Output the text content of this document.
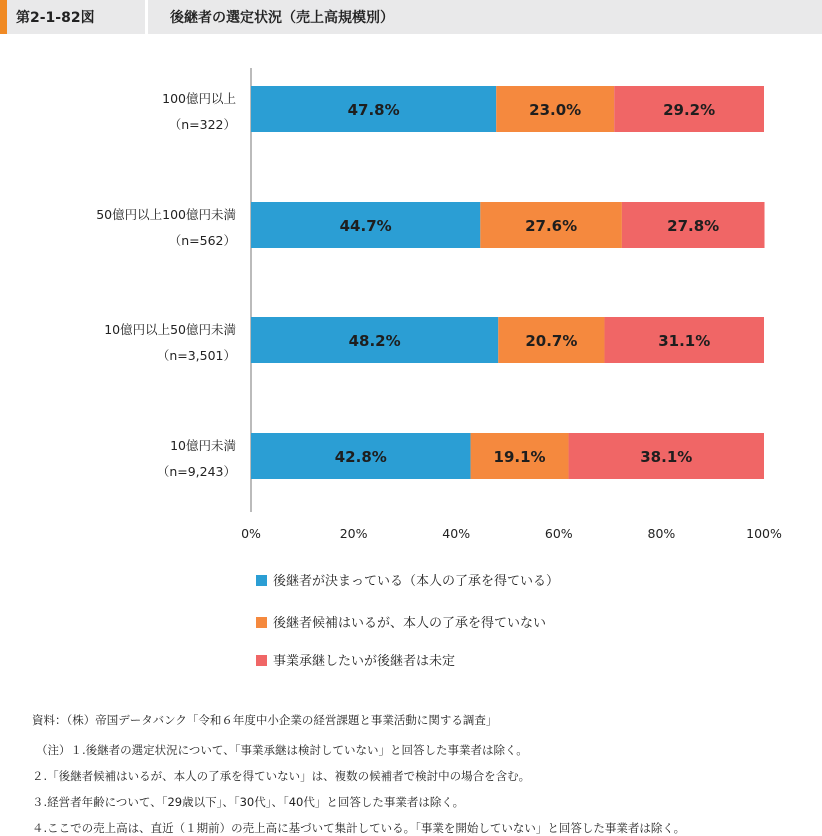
第2-1-82図	後継者の選定状況（売上高規模別）
100億円以上
（n=322）
47.8%	23.0%	29.2%
50億円以上100億円未満
（n=562）
44.7%	27.6%	27.8%
10億円以上50億円未満
（n=3,501）
48.2%	20.7%	31.1%
10億円未満
（n=9,243）
42.8%	19.1%	38.1%
0%	20%	40%	60%	80%	100%
後継者が決まっている（本人の了承を得ている）
後継者候補はいるが、本人の了承を得ていない
事業承継したいが後継者は未定
資料：（株）帝国データバンク「令和６年度中小企業の経営課題と事業活動に関する調査」
（注）１.後継者の選定状況について、「事業承継は検討していない」と回答した事業者は除く。
２.「後継者候補はいるが、本人の了承を得ていない」は、複数の候補者で検討中の場合を含む。
３.経営者年齢について、「29歳以下」、「30代」、「40代」と回答した事業者は除く。
４.ここでの売上高は、直近（１期前）の売上高に基づいて集計している。「事業を開始していない」と回答した事業者は除く。
